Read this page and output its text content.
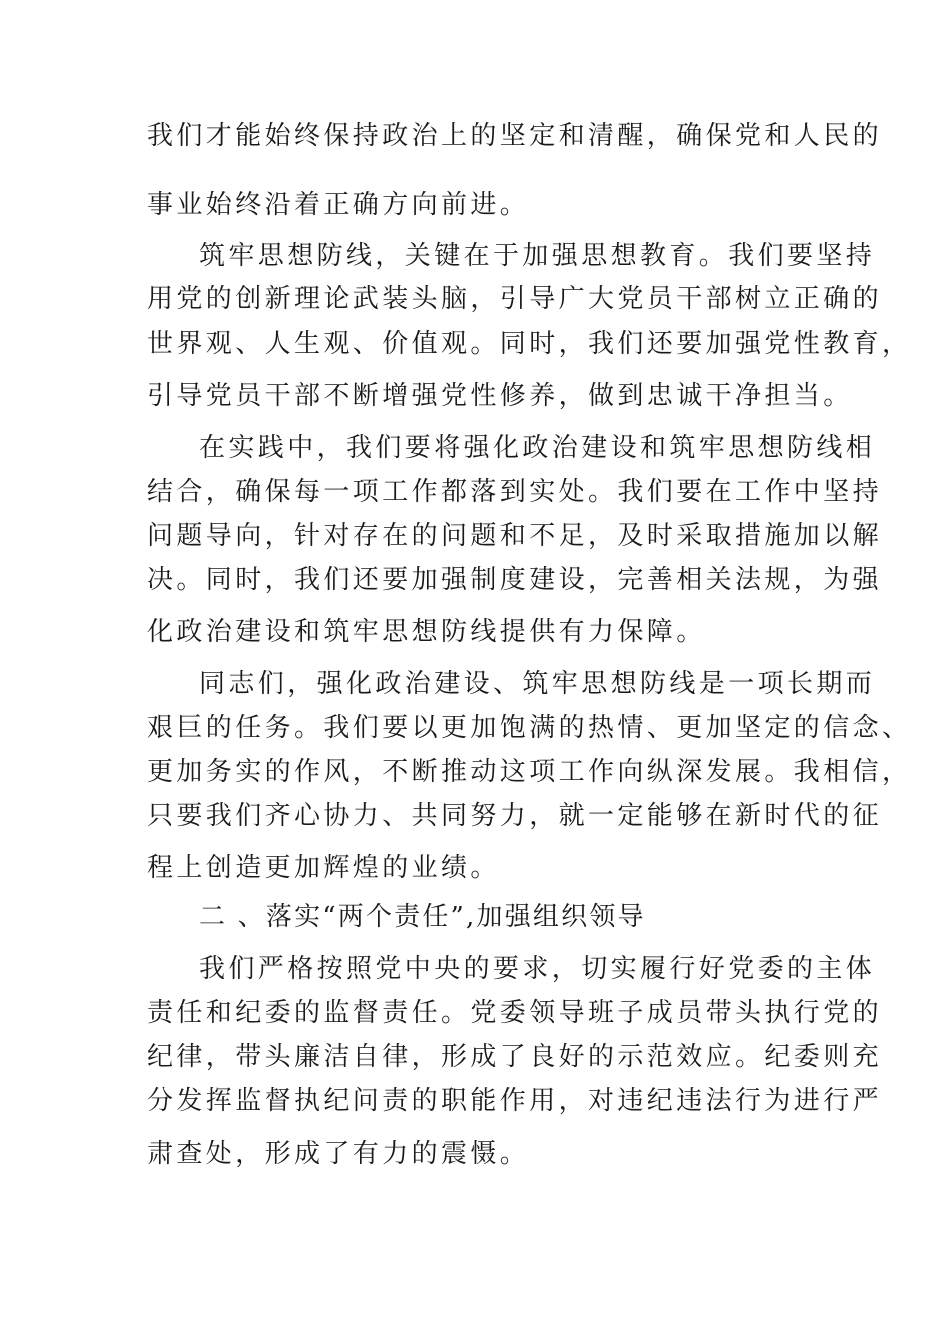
我们才能始终保持政治上的坚定和清醒，确保党和人民的
事业始终沿着正确方向前进。
筑牢思想防线，关键在于加强思想教育。我们要坚持
用党的创新理论武装头脑，引导广大党员干部树立正确的
世界观、人生观、价值观。同时，我们还要加强党性教育，
引导党员干部不断增强党性修养，做到忠诚干净担当。
在实践中，我们要将强化政治建设和筑牢思想防线相
结合，确保每一项工作都落到实处。我们要在工作中坚持
问题导向，针对存在的问题和不足，及时采取措施加以解
决。同时，我们还要加强制度建设，完善相关法规，为强
化政治建设和筑牢思想防线提供有力保障。
同志们，强化政治建设、筑牢思想防线是一项长期而
艰巨的任务。我们要以更加饱满的热情、更加坚定的信念、
更加务实的作风，不断推动这项工作向纵深发展。我相信，
只要我们齐心协力、共同努力，就一定能够在新时代的征
程上创造更加辉煌的业绩。
二 、落实“两个责任”,加强组织领导
我们严格按照党中央的要求，切实履行好党委的主体
责任和纪委的监督责任。党委领导班子成员带头执行党的
纪律，带头廉洁自律，形成了良好的示范效应。纪委则充
分发挥监督执纪问责的职能作用，对违纪违法行为进行严
肃查处，形成了有力的震慑。
